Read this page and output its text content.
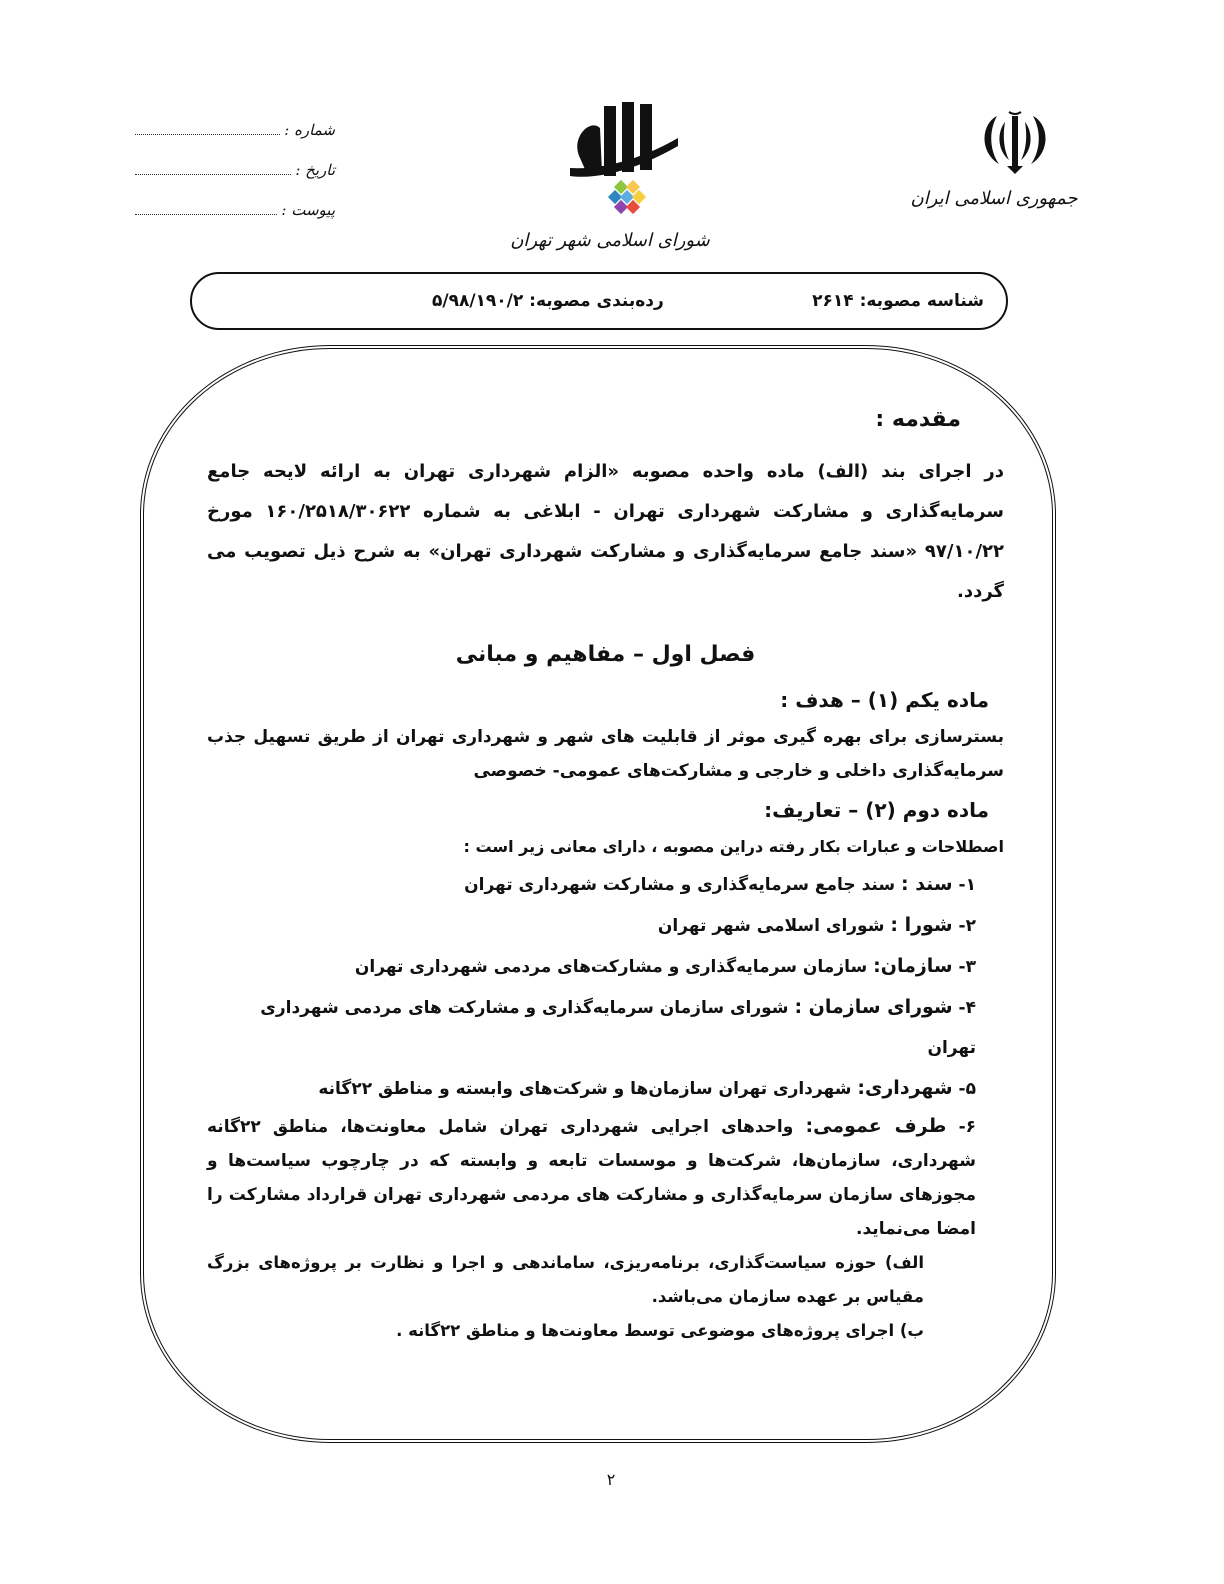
جمهوری اسلامی ایران
شورای اسلامی شهر تهران
شماره :
تاریخ :
پیوست :
شناسه مصوبه: ۲۶۱۴
رده‌بندی مصوبه: ۵/۹۸/۱۹۰/۲
مقدمه :
در اجرای بند (الف) ماده واحده مصوبه «الزام شهرداری تهران به ارائه لایحه جامع سرمایه‌گذاری و مشارکت شهرداری تهران - ابلاغی به شماره ۱۶۰/۲۵۱۸/۳۰۶۲۲ مورخ ۹۷/۱۰/۲۲ «سند جامع سرمایه‌گذاری و مشارکت شهرداری تهران» به شرح ذیل تصویب می گردد.
فصل اول – مفاهیم و مبانی
ماده یکم (۱) – هدف :
بسترسازی برای بهره گیری موثر از قابلیت های شهر و شهرداری تهران از طریق تسهیل جذب سرمایه‌گذاری داخلی و خارجی و مشارکت‌های عمومی- خصوصی
ماده دوم (۲) – تعاریف:
اصطلاحات و عبارات بکار رفته دراین مصوبه ، دارای معانی زیر است :
۱- سند : سند جامع سرمایه‌گذاری و مشارکت شهرداری تهران
۲- شورا : شورای اسلامی شهر تهران
۳- سازمان: سازمان سرمایه‌گذاری و مشارکت‌های مردمی شهرداری تهران
۴- شورای سازمان : شورای سازمان سرمایه‌گذاری و مشارکت های مردمی شهرداری تهران
۵- شهرداری: شهرداری تهران سازمان‌ها و شرکت‌های وابسته و مناطق ۲۲گانه
۶- طرف عمومی: واحدهای اجرایی شهرداری تهران شامل معاونت‌ها، مناطق ۲۲گانه شهرداری، سازمان‌ها، شرکت‌ها و موسسات تابعه و وابسته که در چارچوب سیاست‌ها و مجوزهای سازمان سرمایه‌گذاری و مشارکت های مردمی شهرداری تهران قرارداد مشارکت را امضا می‌نماید.
الف) حوزه سیاست‌گذاری، برنامه‌ریزی، ساماندهی و اجرا و نظارت بر پروژه‌های بزرگ مقیاس بر عهده سازمان می‌باشد.
ب) اجرای پروژه‌های موضوعی توسط معاونت‌ها و مناطق ۲۲گانه .
۲
